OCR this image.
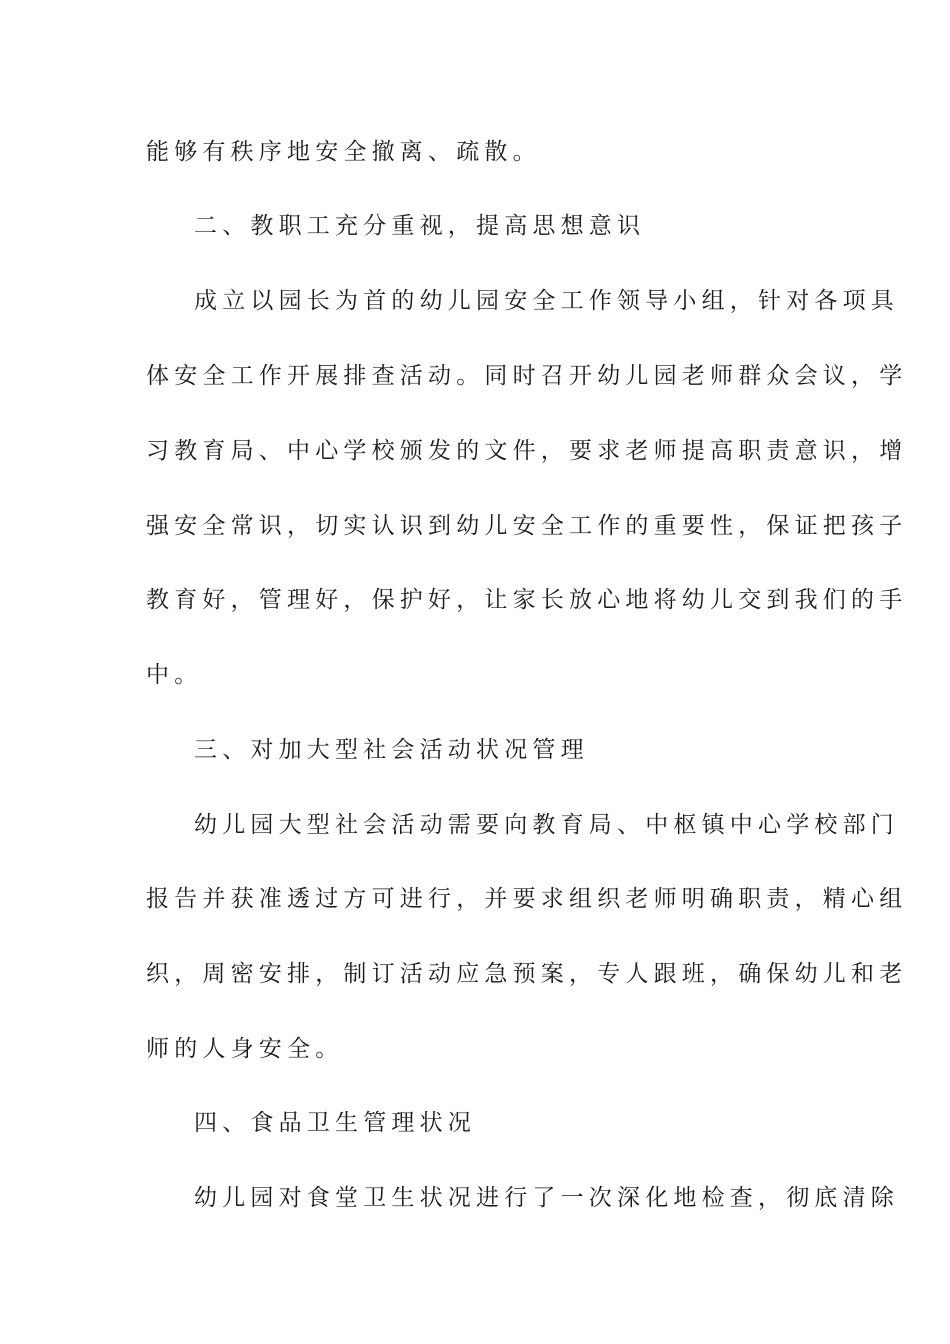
能够有秩序地安全撤离、疏散。
二、教职工充分重视，提高思想意识
成立以园长为首的幼儿园安全工作领导小组，针对各项具
体安全工作开展排查活动。同时召开幼儿园老师群众会议，学
习教育局、中心学校颁发的文件，要求老师提高职责意识，增
强安全常识，切实认识到幼儿安全工作的重要性，保证把孩子
教育好，管理好，保护好，让家长放心地将幼儿交到我们的手
中。
三、对加大型社会活动状况管理
幼儿园大型社会活动需要向教育局、中枢镇中心学校部门
报告并获准透过方可进行，并要求组织老师明确职责，精心组
织，周密安排，制订活动应急预案，专人跟班，确保幼儿和老
师的人身安全。
四、食品卫生管理状况
幼儿园对食堂卫生状况进行了一次深化地检查，彻底清除
